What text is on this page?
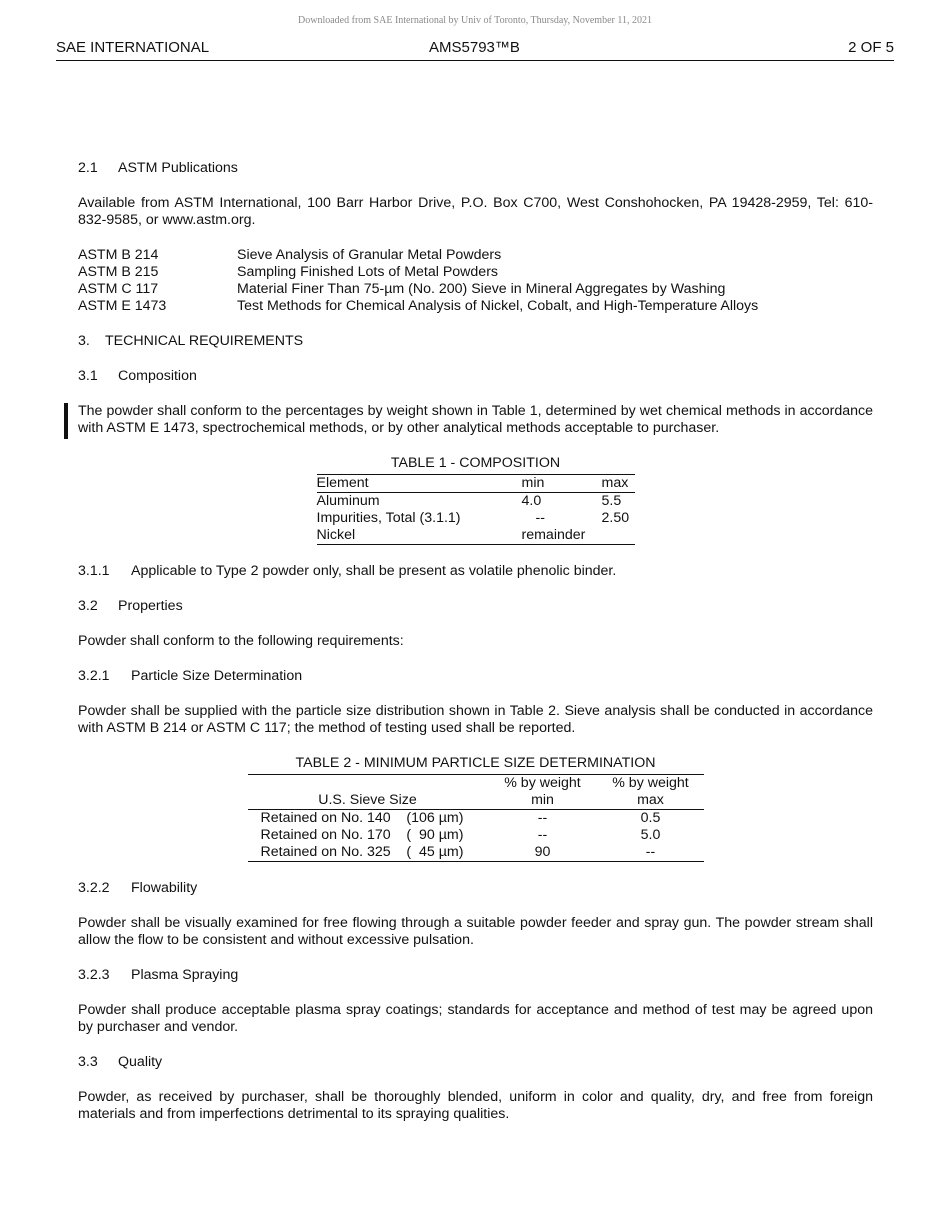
Downloaded from SAE International by Univ of Toronto, Thursday, November 11, 2021
SAE INTERNATIONAL	AMS5793™B	2 OF 5
2.1 ASTM Publications

Available from ASTM International, 100 Barr Harbor Drive, P.O. Box C700, West Conshohocken, PA 19428-2959, Tel: 610-832-9585, or www.astm.org.

ASTM B 214	Sieve Analysis of Granular Metal Powders
ASTM B 215	Sampling Finished Lots of Metal Powders
ASTM C 117	Material Finer Than 75-µm (No. 200) Sieve in Mineral Aggregates by Washing
ASTM E 1473	Test Methods for Chemical Analysis of Nickel, Cobalt, and High-Temperature Alloys
3. TECHNICAL REQUIREMENTS
3.1 Composition

The powder shall conform to the percentages by weight shown in Table 1, determined by wet chemical methods in accordance with ASTM E 1473, spectrochemical methods, or by other analytical methods acceptable to purchaser.

TABLE 1 - COMPOSITION
Element	min	max
Aluminum	4.0	5.5
Impurities, Total (3.1.1)	--	2.50
Nickel	remainder	
3.1.1 Applicable to Type 2 powder only, shall be present as volatile phenolic binder.
3.2 Properties

Powder shall conform to the following requirements:

3.2.1 Particle Size Determination

Powder shall be supplied with the particle size distribution shown in Table 2. Sieve analysis shall be conducted in accordance with ASTM B 214 or ASTM C 117; the method of testing used shall be reported.

TABLE 2 - MINIMUM PARTICLE SIZE DETERMINATION
	% by weight	% by weight
U.S. Sieve Size	min	max
Retained on No. 140    (106 µm)	--	0.5
Retained on No. 170    (  90 µm)	--	5.0
Retained on No. 325    (  45 µm)	90	--
3.2.2 Flowability

Powder shall be visually examined for free flowing through a suitable powder feeder and spray gun. The powder stream shall allow the flow to be consistent and without excessive pulsation.

3.2.3 Plasma Spraying

Powder shall produce acceptable plasma spray coatings; standards for acceptance and method of test may be agreed upon by purchaser and vendor.

3.3 Quality

Powder, as received by purchaser, shall be thoroughly blended, uniform in color and quality, dry, and free from foreign materials and from imperfections detrimental to its spraying qualities.
